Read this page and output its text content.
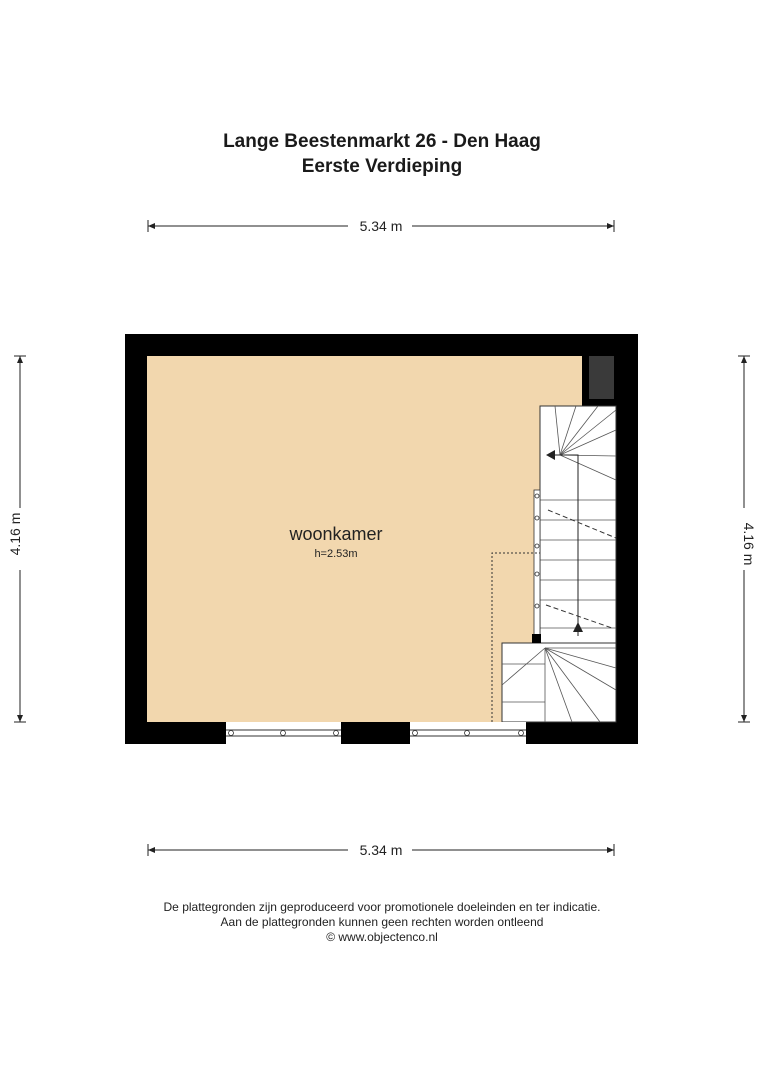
Lange Beestenmarkt 26 - Den Haag
Eerste Verdieping
5.34 m
5.34 m
4.16 m	4.16 m
woonkamer
h=2.53m
De plattegronden zijn geproduceerd voor promotionele doeleinden en ter indicatie.
Aan de plattegronden kunnen geen rechten worden ontleend
© www.objectenco.nl
